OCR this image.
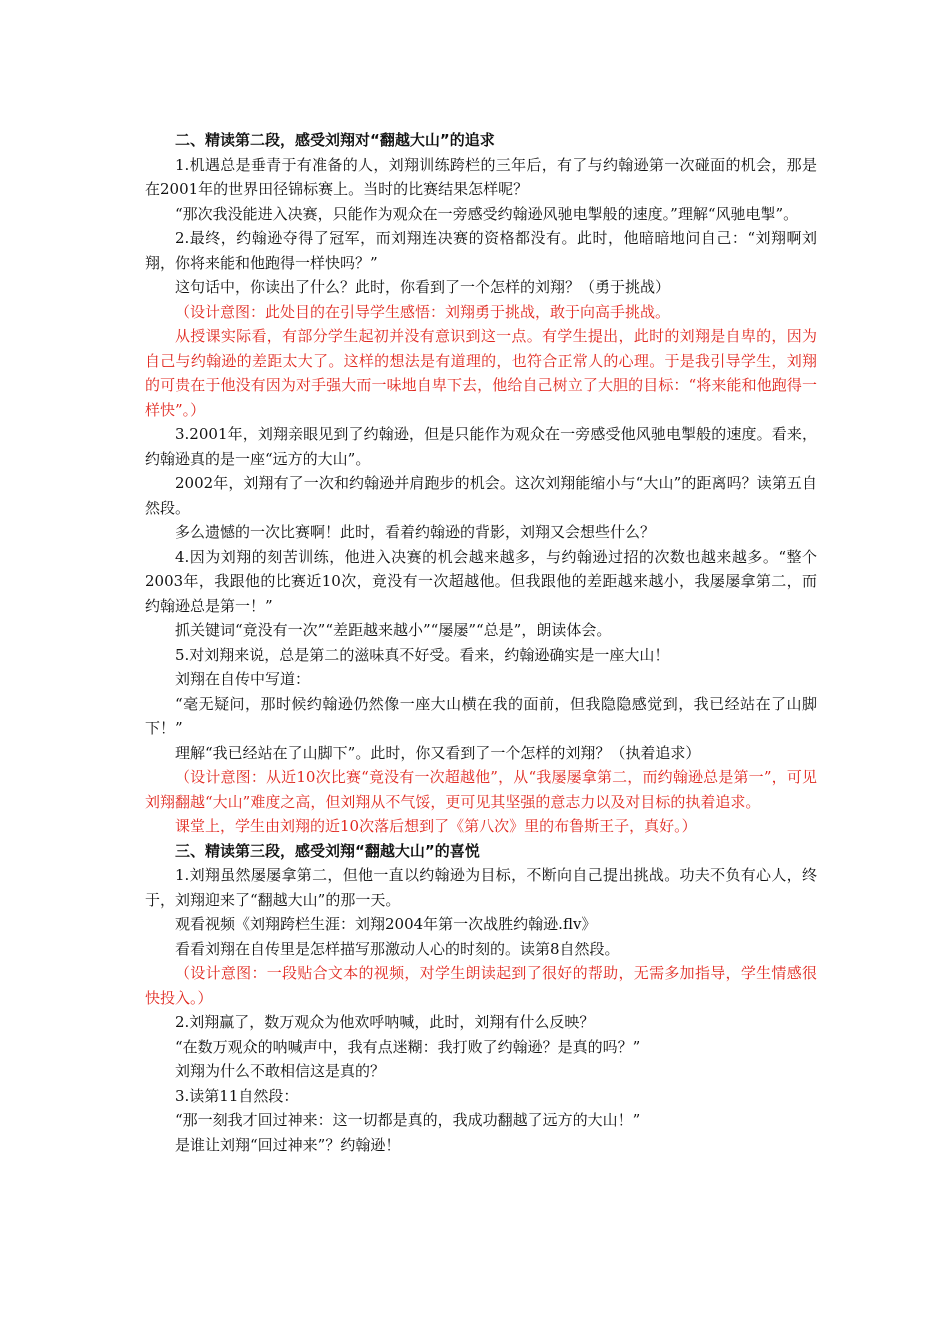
二、精读第二段，感受刘翔对“翻越大山”的追求

1.机遇总是垂青于有准备的人，刘翔训练跨栏的三年后，有了与约翰逊第一次碰面的机会，那是在2001年的世界田径锦标赛上。当时的比赛结果怎样呢？

“那次我没能进入决赛，只能作为观众在一旁感受约翰逊风驰电掣般的速度。”理解“风驰电掣”。

2.最终，约翰逊夺得了冠军，而刘翔连决赛的资格都没有。此时，他暗暗地问自己：“刘翔啊刘翔，你将来能和他跑得一样快吗？”

这句话中，你读出了什么？此时，你看到了一个怎样的刘翔？（勇于挑战）

（设计意图：此处目的在引导学生感悟：刘翔勇于挑战，敢于向高手挑战。

从授课实际看，有部分学生起初并没有意识到这一点。有学生提出，此时的刘翔是自卑的，因为自己与约翰逊的差距太大了。这样的想法是有道理的，也符合正常人的心理。于是我引导学生，刘翔的可贵在于他没有因为对手强大而一味地自卑下去，他给自己树立了大胆的目标：“将来能和他跑得一样快”。）

3.2001年，刘翔亲眼见到了约翰逊，但是只能作为观众在一旁感受他风驰电掣般的速度。看来，约翰逊真的是一座“远方的大山”。

2002年，刘翔有了一次和约翰逊并肩跑步的机会。这次刘翔能缩小与“大山”的距离吗？读第五自然段。

多么遗憾的一次比赛啊！此时，看着约翰逊的背影，刘翔又会想些什么？

4.因为刘翔的刻苦训练，他进入决赛的机会越来越多，与约翰逊过招的次数也越来越多。“整个2003年，我跟他的比赛近10次，竟没有一次超越他。但我跟他的差距越来越小，我屡屡拿第二，而约翰逊总是第一！”

抓关键词“竟没有一次”“差距越来越小”“屡屡”“总是”，朗读体会。

5.对刘翔来说，总是第二的滋味真不好受。看来，约翰逊确实是一座大山！

刘翔在自传中写道：

“毫无疑问，那时候约翰逊仍然像一座大山横在我的面前，但我隐隐感觉到，我已经站在了山脚下！”

理解“我已经站在了山脚下”。此时，你又看到了一个怎样的刘翔？（执着追求）

（设计意图：从近10次比赛“竟没有一次超越他”，从“我屡屡拿第二，而约翰逊总是第一”，可见刘翔翻越“大山”难度之高，但刘翔从不气馁，更可见其坚强的意志力以及对目标的执着追求。

课堂上，学生由刘翔的近10次落后想到了《第八次》里的布鲁斯王子，真好。）

三、精读第三段，感受刘翔“翻越大山”的喜悦

1.刘翔虽然屡屡拿第二，但他一直以约翰逊为目标，不断向自己提出挑战。功夫不负有心人，终于，刘翔迎来了“翻越大山”的那一天。

观看视频《刘翔跨栏生涯：刘翔2004年第一次战胜约翰逊.flv》

看看刘翔在自传里是怎样描写那激动人心的时刻的。读第8自然段。

（设计意图：一段贴合文本的视频，对学生朗读起到了很好的帮助，无需多加指导，学生情感很快投入。）

2.刘翔赢了，数万观众为他欢呼呐喊，此时，刘翔有什么反映？

“在数万观众的呐喊声中，我有点迷糊：我打败了约翰逊？是真的吗？”

刘翔为什么不敢相信这是真的？

3.读第11自然段：

“那一刻我才回过神来：这一切都是真的，我成功翻越了远方的大山！”

是谁让刘翔“回过神来”？约翰逊！
